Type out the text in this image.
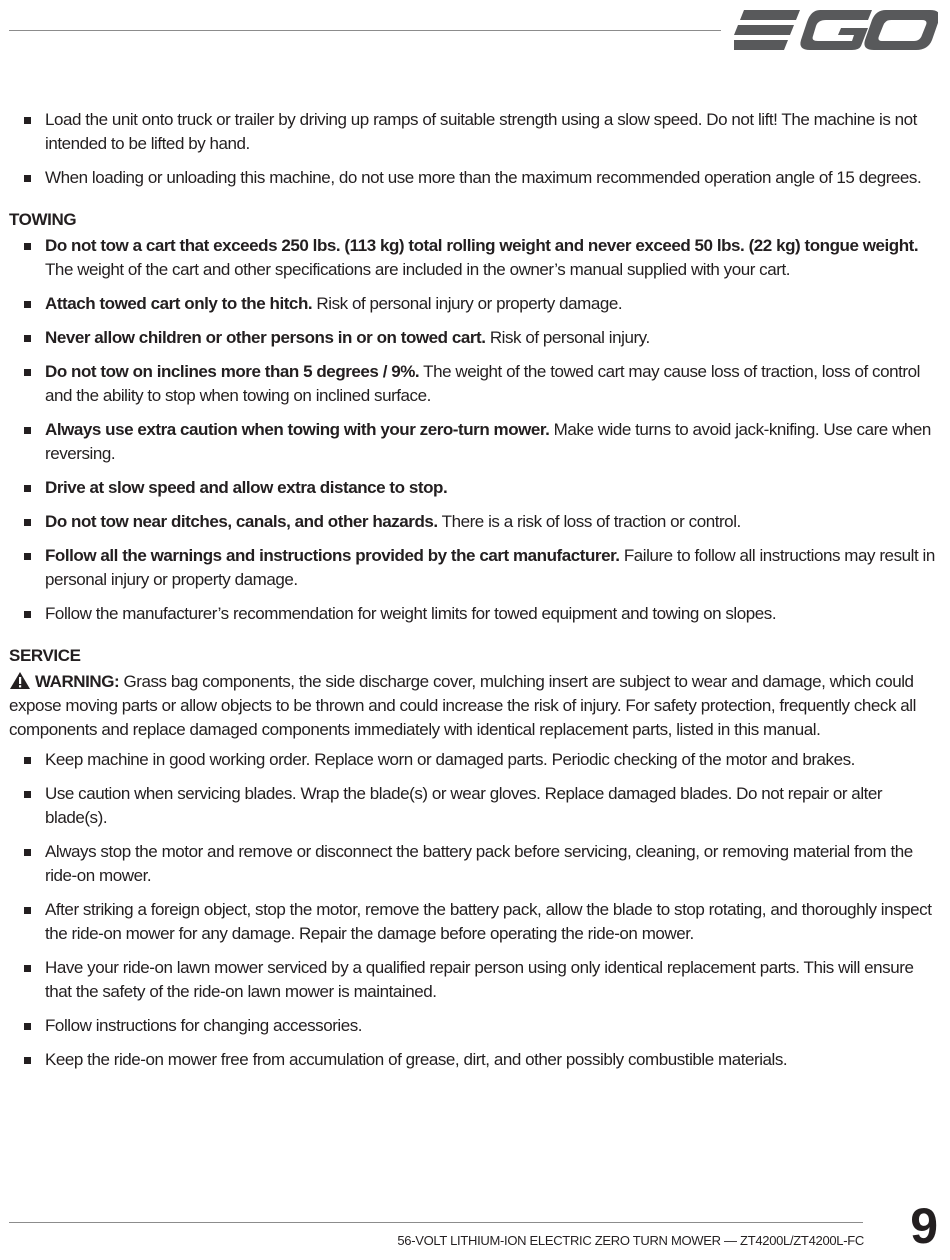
Load the unit onto truck or trailer by driving up ramps of suitable strength using a slow speed. Do not lift! The machine is not intended to be lifted by hand.
When loading or unloading this machine, do not use more than the maximum recommended operation angle of 15 degrees.
TOWING
Do not tow a cart that exceeds 250 lbs. (113 kg) total rolling weight and never exceed 50 lbs. (22 kg) tongue weight. The weight of the cart and other specifications are included in the owner’s manual supplied with your cart.
Attach towed cart only to the hitch. Risk of personal injury or property damage.
Never allow children or other persons in or on towed cart. Risk of personal injury.
Do not tow on inclines more than 5 degrees / 9%. The weight of the towed cart may cause loss of traction, loss of control and the ability to stop when towing on inclined surface.
Always use extra caution when towing with your zero-turn mower. Make wide turns to avoid jack-knifing. Use care when reversing.
Drive at slow speed and allow extra distance to stop.
Do not tow near ditches, canals, and other hazards. There is a risk of loss of traction or control.
Follow all the warnings and instructions provided by the cart manufacturer. Failure to follow all instructions may result in personal injury or property damage.
Follow the manufacturer’s recommendation for weight limits for towed equipment and towing on slopes.
SERVICE

WARNING: Grass bag components, the side discharge cover, mulching insert are subject to wear and damage, which could expose moving parts or allow objects to be thrown and could increase the risk of injury. For safety protection, frequently check all components and replace damaged components immediately with identical replacement parts, listed in this manual.

Keep machine in good working order. Replace worn or damaged parts. Periodic checking of the motor and brakes.
Use caution when servicing blades. Wrap the blade(s) or wear gloves. Replace damaged blades. Do not repair or alter blade(s).
Always stop the motor and remove or disconnect the battery pack before servicing, cleaning, or removing material from the ride-on mower.
After striking a foreign object, stop the motor, remove the battery pack, allow the blade to stop rotating, and thoroughly inspect the ride-on mower for any damage. Repair the damage before operating the ride-on mower.
Have your ride-on lawn mower serviced by a qualified repair person using only identical replacement parts. This will ensure that the safety of the ride-on lawn mower is maintained.
Follow instructions for changing accessories.
Keep the ride-on mower free from accumulation of grease, dirt, and other possibly combustible materials.
56-VOLT LITHIUM-ION ELECTRIC ZERO TURN MOWER — ZT4200L/ZT4200L-FC 9
